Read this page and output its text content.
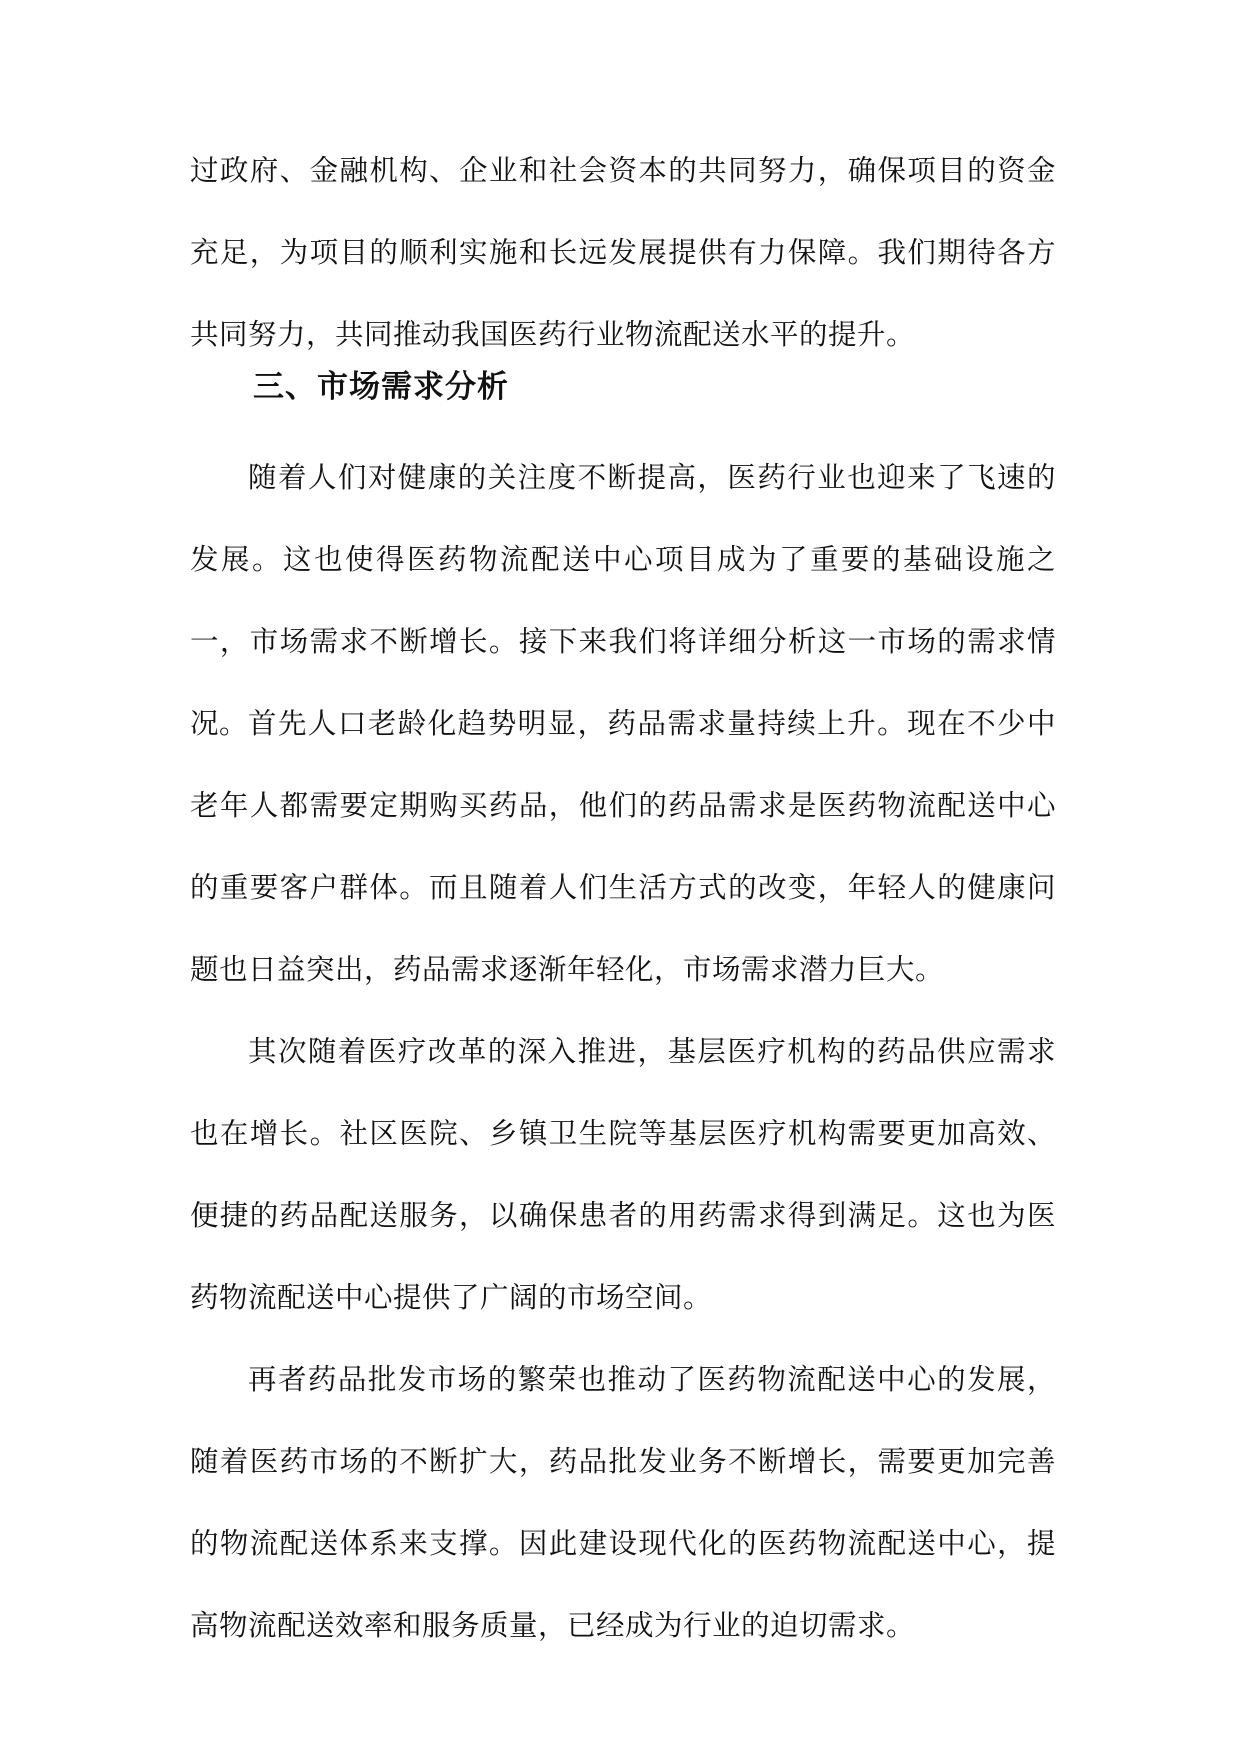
过政府、金融机构、企业和社会资本的共同努力，确保项目的资金充足，为项目的顺利实施和长远发展提供有力保障。我们期待各方共同努力，共同推动我国医药行业物流配送水平的提升。

三、市场需求分析

随着人们对健康的关注度不断提高，医药行业也迎来了飞速的发展。这也使得医药物流配送中心项目成为了重要的基础设施之一，市场需求不断增长。接下来我们将详细分析这一市场的需求情况。 首先人口老龄化趋势明显，药品需求量持续上升。现在不少中老年人都需要定期购买药品，他们的药品需求是医药物流配送中心的重要客户群体。而且随着人们生活方式的改变，年轻人的健康问题也日益突出，药品需求逐渐年轻化，市场需求潜力巨大。

其次随着医疗改革的深入推进，基层医疗机构的药品供应需求也在增长。社区医院、乡镇卫生院等基层医疗机构需要更加高效、便捷的药品配送服务，以确保患者的用药需求得到满足。这也为医药物流配送中心提供了广阔的市场空间。

再者药品批发市场的繁荣也推动了医药物流配送中心的发展，随着医药市场的不断扩大，药品批发业务不断增长，需要更加完善的物流配送体系来支撑。因此建设现代化的医药物流配送中心，提高物流配送效率和服务质量，已经成为行业的迫切需求。
